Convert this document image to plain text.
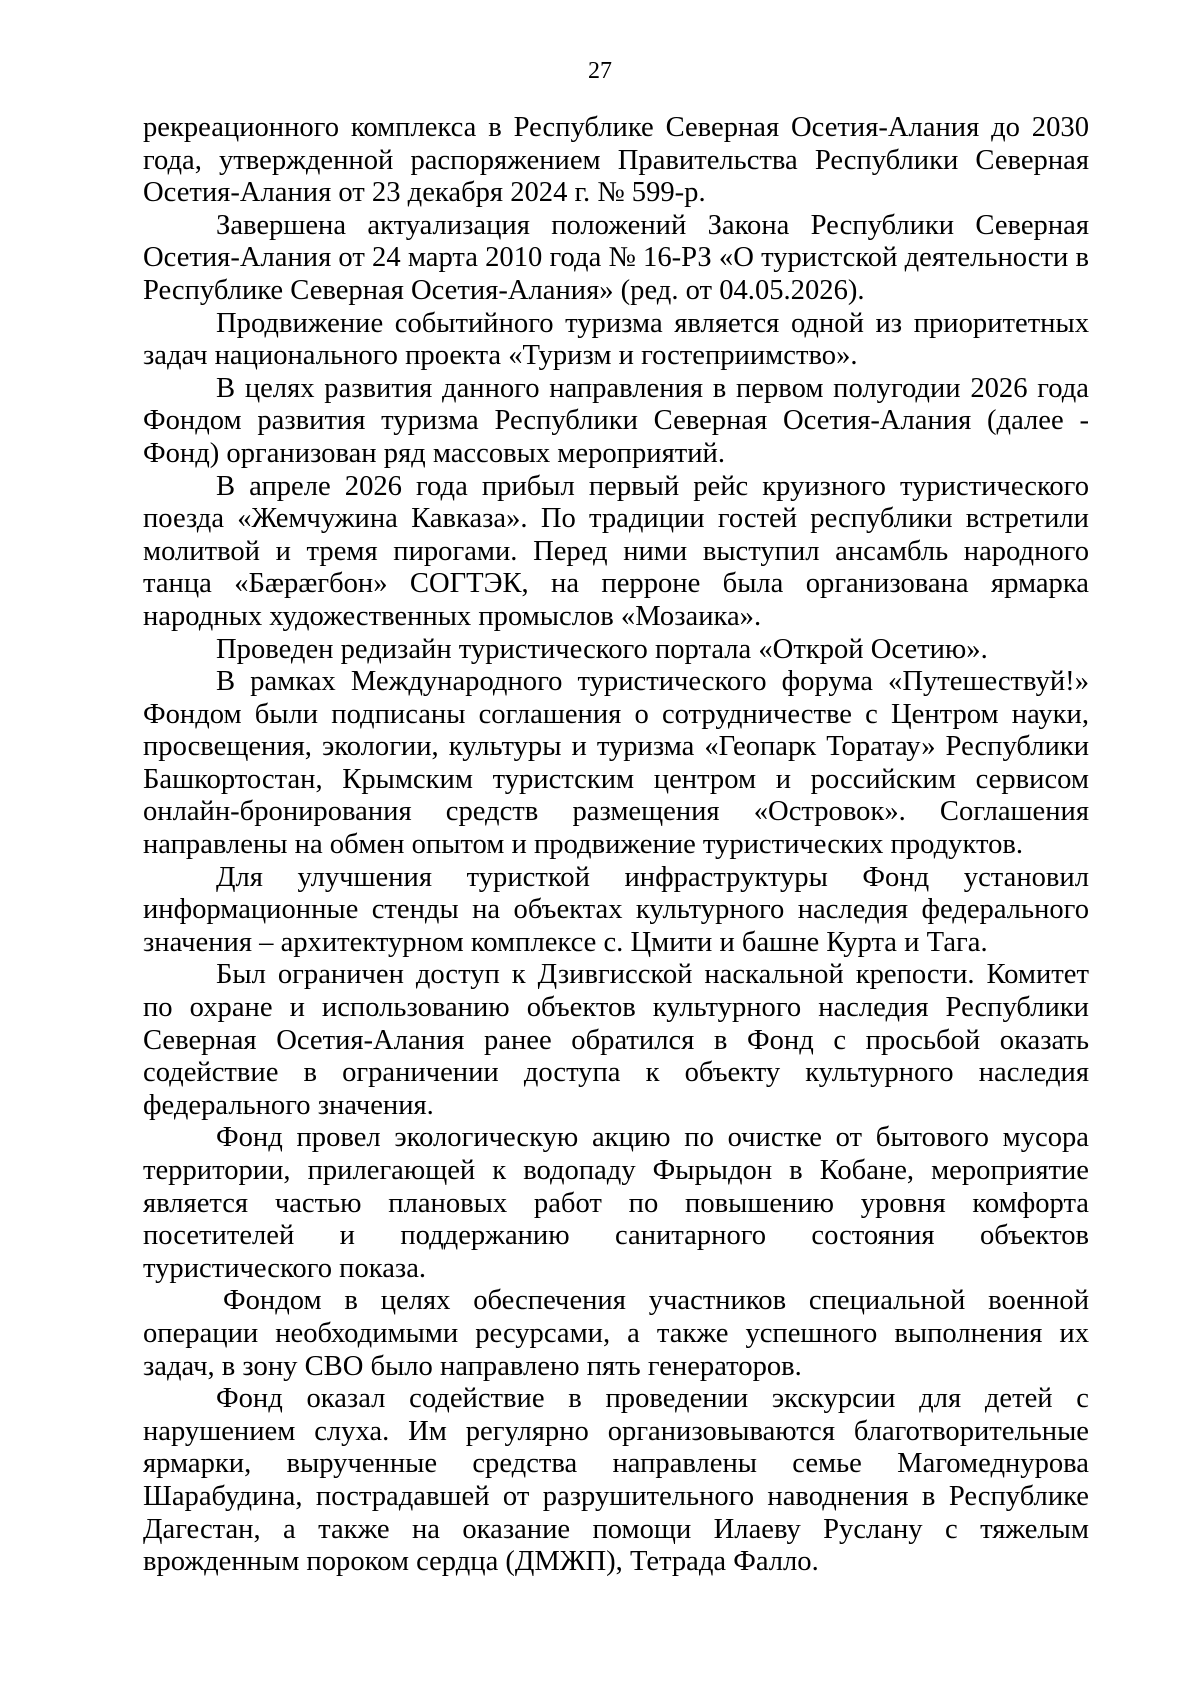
27

рекреационного комплекса в Республике Северная Осетия-Алания до 2030 года, утвержденной распоряжением Правительства Республики Северная Осетия-Алания от 23 декабря 2024 г. № 599-р.

Завершена актуализация положений Закона Республики Северная Осетия-Алания от 24 марта 2010 года № 16-РЗ «О туристской деятельности в Республике Северная Осетия-Алания» (ред. от 04.05.2026).

Продвижение событийного туризма является одной из приоритетных задач национального проекта «Туризм и гостеприимство».

В целях развития данного направления в первом полугодии 2026 года Фондом развития туризма Республики Северная Осетия-Алания (далее - Фонд) организован ряд массовых мероприятий.

В апреле 2026 года прибыл первый рейс круизного туристического поезда «Жемчужина Кавказа». По традиции гостей республики встретили молитвой и тремя пирогами. Перед ними выступил ансамбль народного танца «Бæрæгбон» СОГТЭК, на перроне была организована ярмарка народных художественных промыслов «Мозаика».

Проведен редизайн туристического портала «Открой Осетию».

В рамках Международного туристического форума «Путешествуй!» Фондом были подписаны соглашения о сотрудничестве с Центром науки, просвещения, экологии, культуры и туризма «Геопарк Торатау» Республики Башкортостан, Крымским туристским центром и российским сервисом онлайн-бронирования средств размещения «Островок». Соглашения направлены на обмен опытом и продвижение туристических продуктов.

Для улучшения туристкой инфраструктуры Фонд установил информационные стенды на объектах культурного наследия федерального значения – архитектурном комплексе с. Цмити и башне Курта и Тага.

Был ограничен доступ к Дзивгисской наскальной крепости. Комитет по охране и использованию объектов культурного наследия Республики Северная Осетия-Алания ранее обратился в Фонд с просьбой оказать содействие в ограничении доступа к объекту культурного наследия федерального значения.

Фонд провел экологическую акцию по очистке от бытового мусора территории, прилегающей к водопаду Фырыдон в Кобане, мероприятие является частью плановых работ по повышению уровня комфорта посетителей и поддержанию санитарного состояния объектов туристического показа.

Фондом в целях обеспечения участников специальной военной операции необходимыми ресурсами, а также успешного выполнения их задач, в зону СВО было направлено пять генераторов.

Фонд оказал содействие в проведении экскурсии для детей с нарушением слуха. Им регулярно организовываются благотворительные ярмарки, вырученные средства направлены семье Магомеднурова Шарабудина, пострадавшей от разрушительного наводнения в Республике Дагестан, а также на оказание помощи Илаеву Руслану с тяжелым врожденным пороком сердца (ДМЖП), Тетрада Фалло.
